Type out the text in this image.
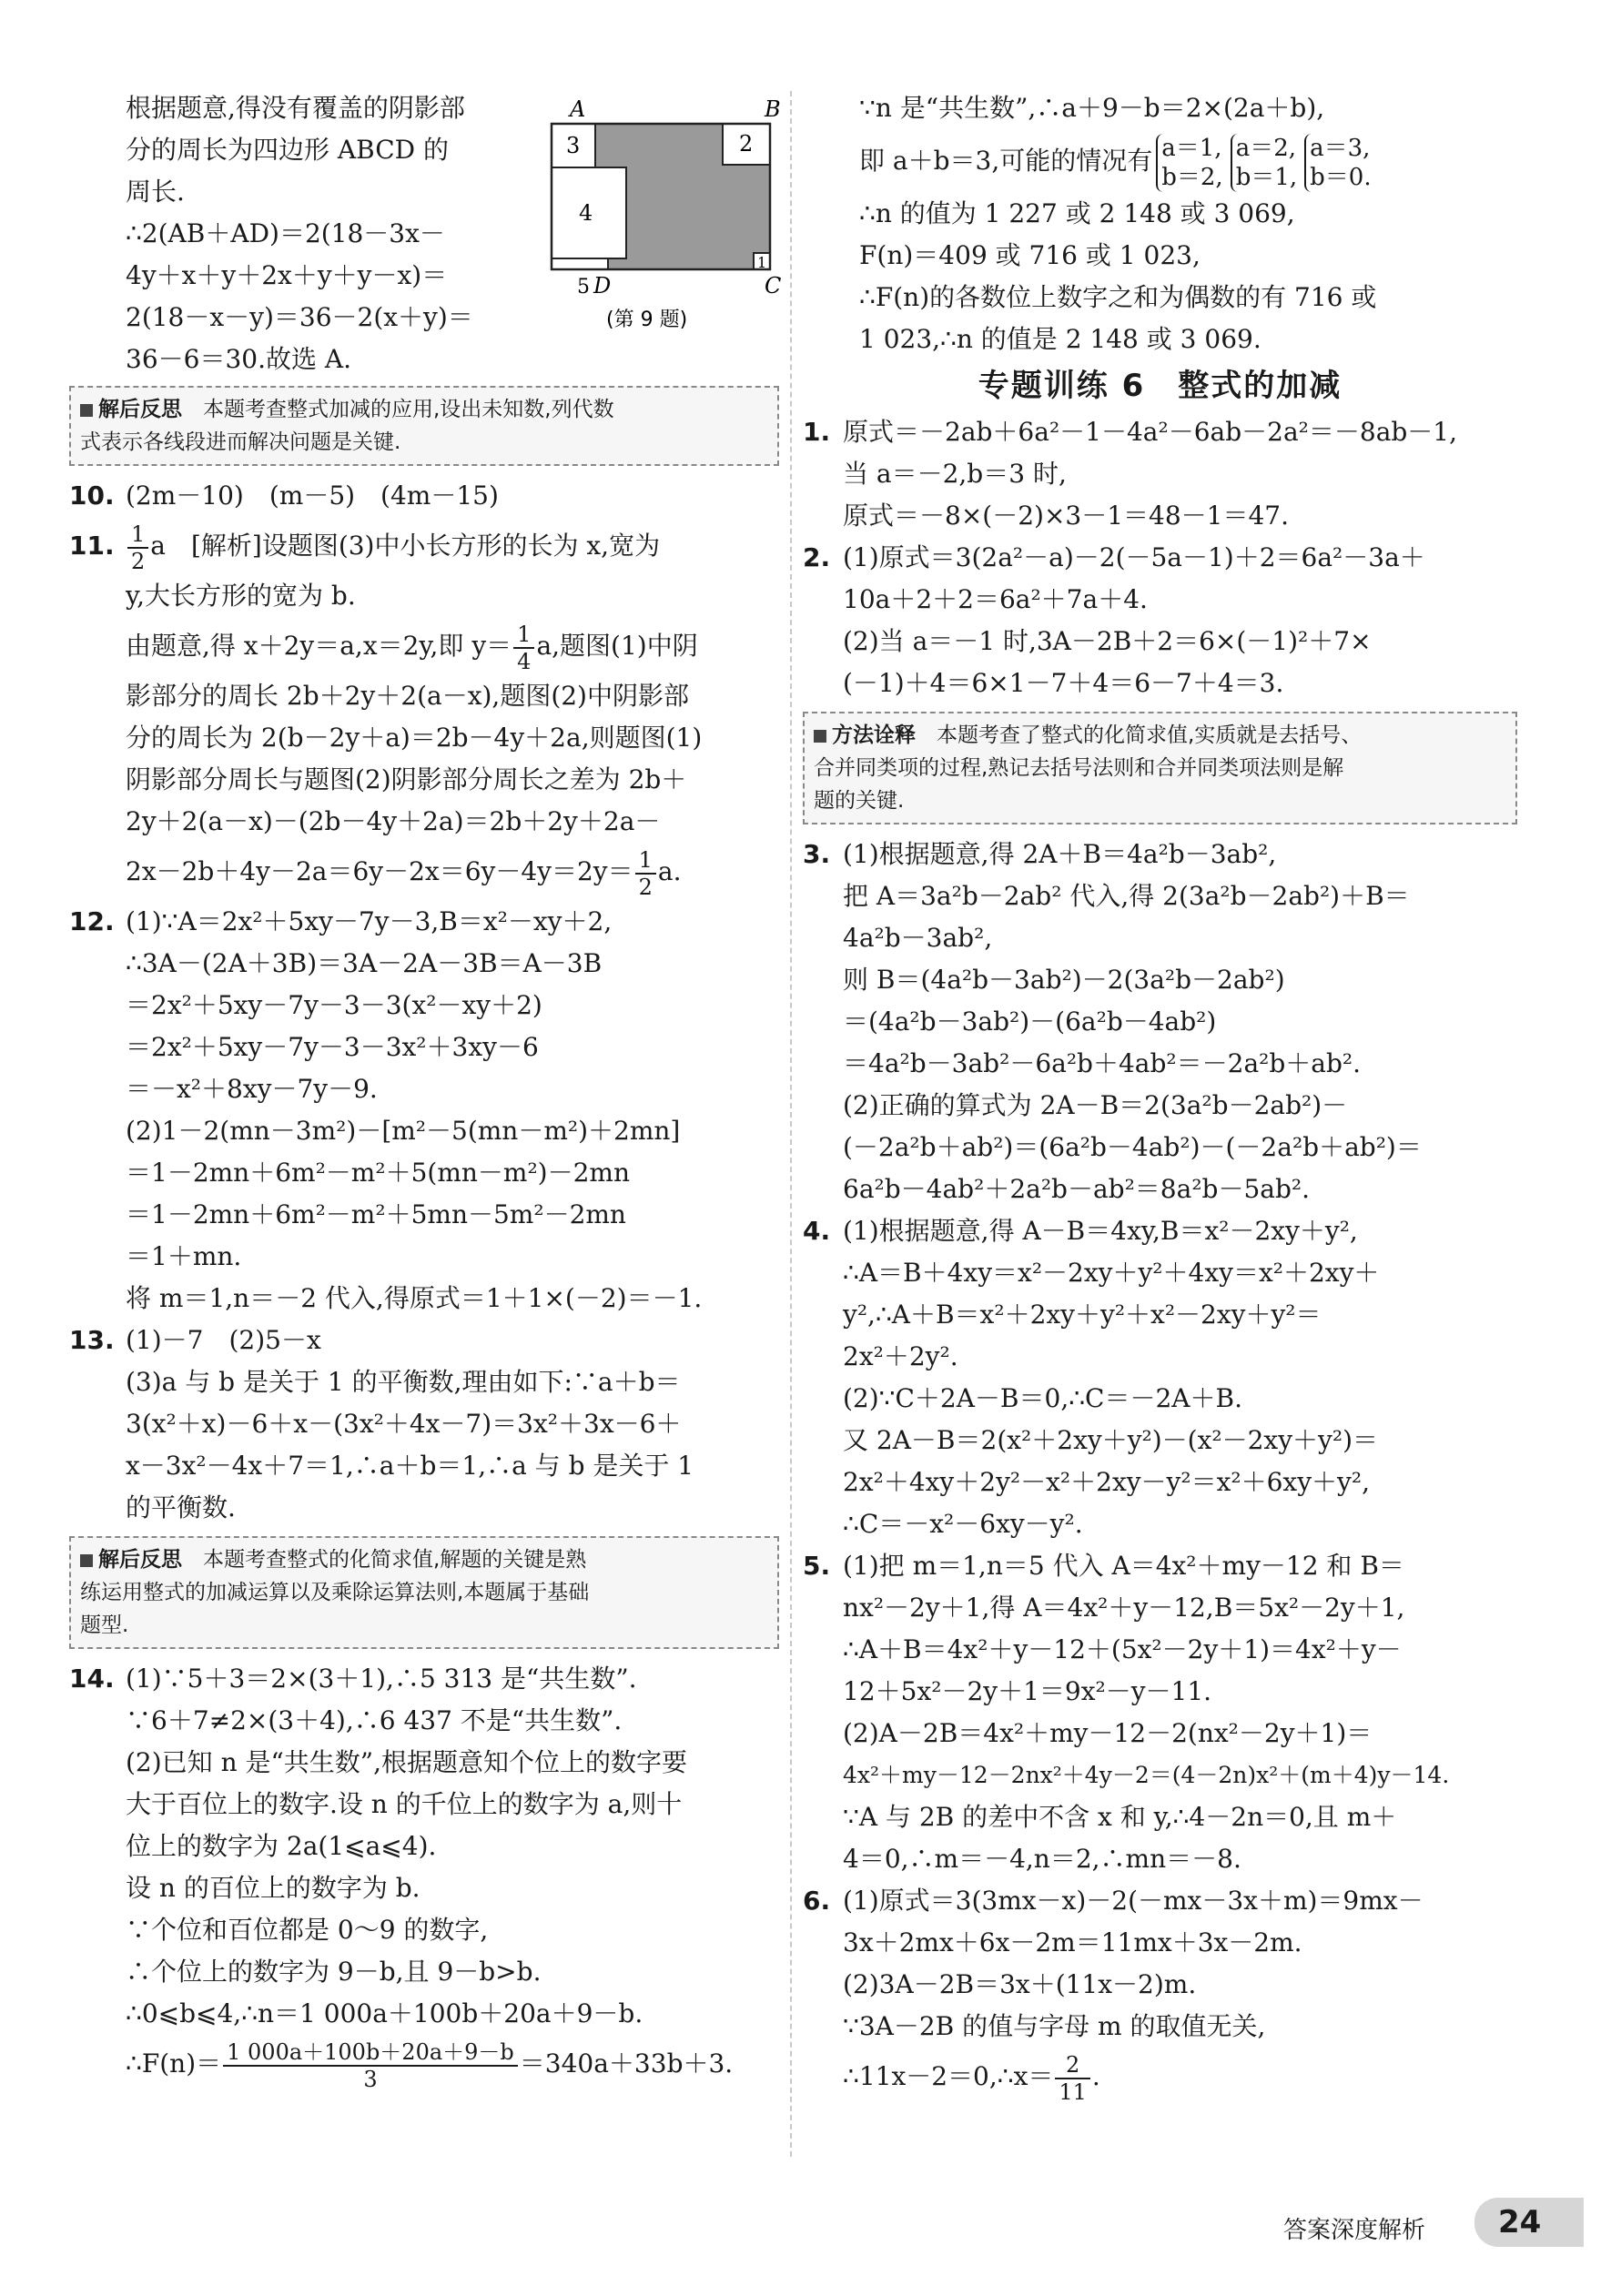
根据题意,得没有覆盖的阴影部
分的周长为四边形 ABCD 的
周长.
∴2(AB＋AD)＝2(18－3x－
4y＋x＋y＋2x＋y＋y－x)＝
2(18－x－y)＝36－2(x＋y)＝
36－6＝30.故选 A.
A	B
C
D
3	2
4
5
1
(第 9 题)
解后反思　 本题考查整式加减的应用,设出未知数,列代数
式表示各线段进而解决问题是关键.
10. (2m－10)　(m－5)　(4m－15)
11. $\frac{1}{2}$ a　[解析]设题图(3)中小长方形的长为 x,宽为
y,大长方形的宽为 b.
由题意,得 x＋2y＝a,x＝2y,即 $y= \frac{1}{4} a$,题图(1)中阴
影部分的周长 2b＋2y＋2(a－x),题图(2)中阴影部
分的周长为 2(b－2y＋a)＝2b－4y＋2a,则题图(1)
阴影部分周长与题图(2)阴影部分周长之差为 2b＋
2y＋2(a－x)－(2b－4y＋2a)＝2b＋2y＋2a－
$2x-2b+4y-2a=6y-2x=6y-4y=2y= \frac{1}{2} a$.
12. (1)∵A＝2x²＋5xy－7y－3,B＝x²－xy＋2,
∴3A－(2A＋3B)＝3A－2A－3B＝A－3B
＝2x²＋5xy－7y－3－3(x²－xy＋2)
＝2x²＋5xy－7y－3－3x²＋3xy－6
＝－x²＋8xy－7y－9.
(2)1－2(mn－3m²)－[m²－5(mn－m²)＋2mn]
＝1－2mn＋6m²－m²＋5(mn－m²)－2mn
＝1－2mn＋6m²－m²＋5mn－5m²－2mn
＝1＋mn.
将 m＝1,n＝－2 代入,得原式＝1＋1×(－2)＝－1.
13. (1)－7　(2)5－x
(3)a 与 b 是关于 1 的平衡数,理由如下:∵a＋b＝
3(x²＋x)－6＋x－(3x²＋4x－7)＝3x²＋3x－6＋
x－3x²－4x＋7＝1,∴a＋b＝1,∴a 与 b 是关于 1
的平衡数.
解后反思　 本题考查整式的化简求值,解题的关键是熟
练运用整式的加减运算以及乘除运算法则,本题属于基础
题型.
14. (1)∵5＋3＝2×(3＋1),∴5 313 是“共生数”.
∵6＋7≠2×(3＋4),∴6 437 不是“共生数”.
(2)已知 n 是“共生数”,根据题意知个位上的数字要
大于百位上的数字.设 n 的千位上的数字为 a,则十
位上的数字为 2a(1⩽a⩽4).
设 n 的百位上的数字为 b.
∵个位和百位都是 0～9 的数字,
∴个位上的数字为 9－b,且 9－b>b.
∴0⩽b⩽4,∴n＝1 000a＋100b＋20a＋9－b.
∴F(n)＝ $\frac{1 000a+100b+20a+9-b}{3} =340a+33b+3$.
∵n 是“共生数”,∴a＋9－b＝2×(2a＋b),
即 a＋b＝3,可能的情况有 a＝1,
b＝2,
a＝2,
b＝1,
a＝3,
b＝0.
∴n 的值为 1 227 或 2 148 或 3 069,
F(n)＝409 或 716 或 1 023,
∴F(n)的各数位上数字之和为偶数的有 716 或
1 023,∴n 的值是 2 148 或 3 069.
专题训练 6　整式的加减
1. 原式＝－2ab＋6a²－1－4a²－6ab－2a²＝－8ab－1,
当 a＝－2,b＝3 时,
原式＝－8×(－2)×3－1＝48－1＝47.
2. (1)原式＝3(2a²－a)－2(－5a－1)＋2＝6a²－3a＋
10a＋2＋2＝6a²＋7a＋4.
(2)当 a＝－1 时,3A－2B＋2＝6×(－1)²＋7×
(－1)＋4＝6×1－7＋4＝6－7＋4＝3.
方法诠释　 本题考查了整式的化简求值,实质就是去括号、
合并同类项的过程,熟记去括号法则和合并同类项法则是解
题的关键.
3. (1)根据题意,得 2A＋B＝4a²b－3ab²,
把 A＝3a²b－2ab² 代入,得 2(3a²b－2ab²)＋B＝
4a²b－3ab²,
则 B＝(4a²b－3ab²)－2(3a²b－2ab²)
＝(4a²b－3ab²)－(6a²b－4ab²)
＝4a²b－3ab²－6a²b＋4ab²＝－2a²b＋ab².
(2)正确的算式为 2A－B＝2(3a²b－2ab²)－
(－2a²b＋ab²)＝(6a²b－4ab²)－(－2a²b＋ab²)＝
6a²b－4ab²＋2a²b－ab²＝8a²b－5ab².
4. (1)根据题意,得 A－B＝4xy,B＝x²－2xy＋y²,
∴A＝B＋4xy＝x²－2xy＋y²＋4xy＝x²＋2xy＋
y²,∴A＋B＝x²＋2xy＋y²＋x²－2xy＋y²＝
2x²＋2y².
(2)∵C＋2A－B＝0,∴C＝－2A＋B.
又 2A－B＝2(x²＋2xy＋y²)－(x²－2xy＋y²)＝
2x²＋4xy＋2y²－x²＋2xy－y²＝x²＋6xy＋y²,
∴C＝－x²－6xy－y².
5. (1)把 m＝1,n＝5 代入 A＝4x²＋my－12 和 B＝
nx²－2y＋1,得 A＝4x²＋y－12,B＝5x²－2y＋1,
∴A＋B＝4x²＋y－12＋(5x²－2y＋1)＝4x²＋y－
12＋5x²－2y＋1＝9x²－y－11.
(2)A－2B＝4x²＋my－12－2(nx²－2y＋1)＝
4x²＋my－12－2nx²＋4y－2＝(4－2n)x²＋(m＋4)y－14.
∵A 与 2B 的差中不含 x 和 y,∴4－2n＝0,且 m＋
4＝0,∴m＝－4,n＝2,∴mn＝－8.
6. (1)原式＝3(3mx－x)－2(－mx－3x＋m)＝9mx－
3x＋2mx＋6x－2m＝11mx＋3x－2m.
(2)3A－2B＝3x＋(11x－2)m.
∵3A－2B 的值与字母 m 的取值无关,
∴11x－2＝0,∴x＝ $\frac{2}{11}$ .
答案深度解析	24
